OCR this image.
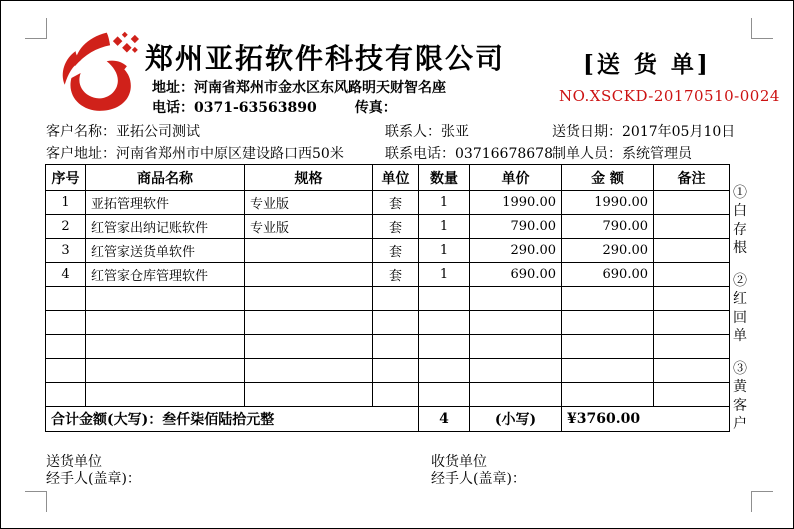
郑州亚拓软件科技有限公司
地址：河南省郑州市金水区东风路明天财智名座
电话：0371-63563890	传真：
[送 货 单]
NO.XSCKD-20170510-0024
客户名称：亚拓公司测试	联系人：张亚	送货日期：2017年05月10日
客户地址：河南省郑州市中原区建设路口西50米	联系电话：03716678678 制单人员：系统管理员
序号	商品名称	规格	单位	数量	单价	金 额	备注
1	亚拓管理软件	专业版	套	1	1990.00	1990.00	
2	红管家出纳记账软件	专业版	套	1	790.00	790.00	
3	红管家送货单软件		套	1	290.00	290.00	
4	红管家仓库管理软件		套	1	690.00	690.00	

合计金额(大写)：叁仟柒佰陆拾元整				4	(小写)	¥3760.00	
①白存根
②红回单
③黄客户
送货单位
经手人(盖章)：
收货单位
经手人(盖章)：
